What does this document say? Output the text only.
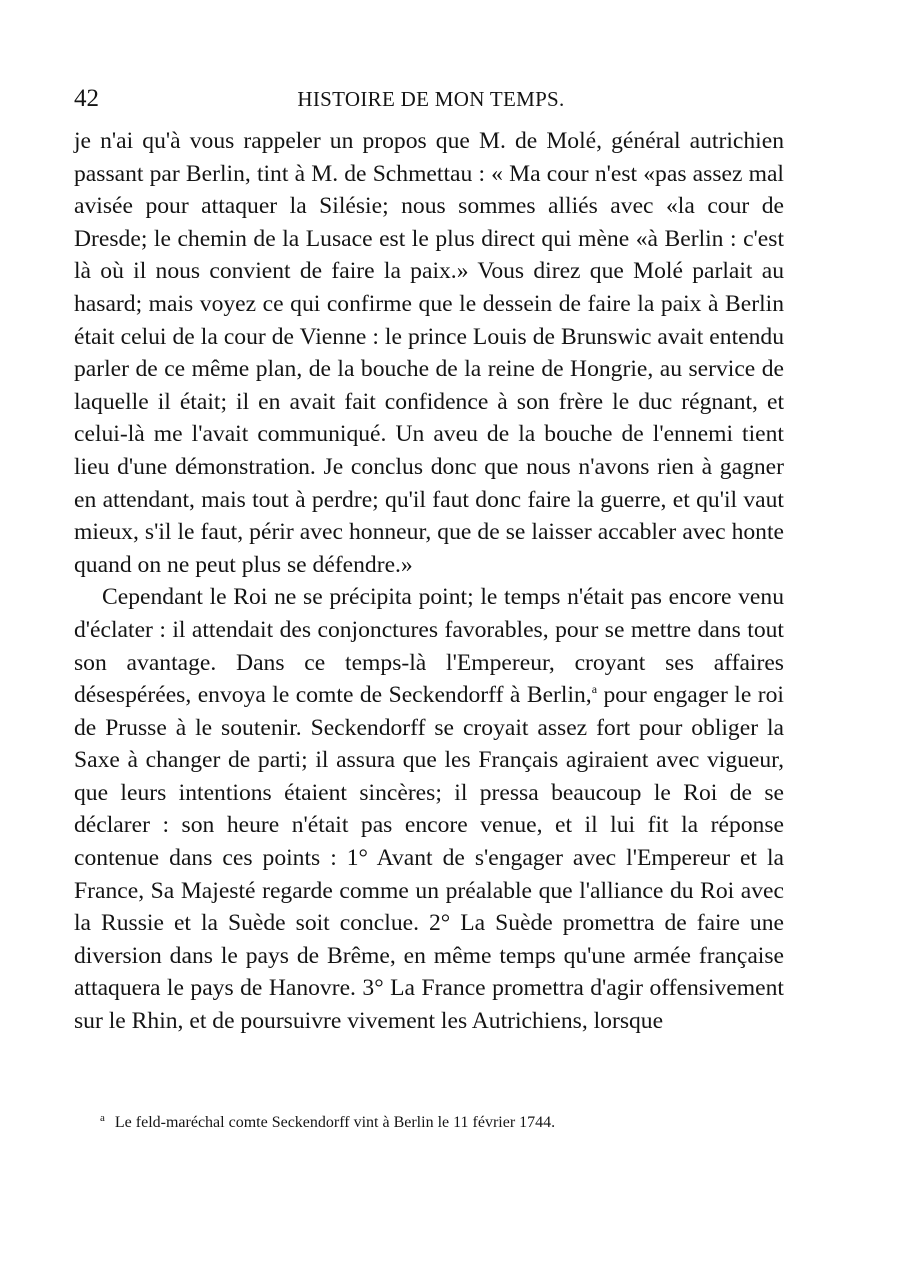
42	HISTOIRE DE MON TEMPS.

je n'ai qu'à vous rappeler un propos que M. de Molé, général autrichien passant par Berlin, tint à M. de Schmettau : « Ma cour n'est «pas assez mal avisée pour attaquer la Silésie; nous sommes alliés avec «la cour de Dresde; le chemin de la Lusace est le plus direct qui mène «à Berlin : c'est là où il nous convient de faire la paix.» Vous direz que Molé parlait au hasard; mais voyez ce qui confirme que le dessein de faire la paix à Berlin était celui de la cour de Vienne : le prince Louis de Brunswic avait entendu parler de ce même plan, de la bouche de la reine de Hongrie, au service de laquelle il était; il en avait fait confidence à son frère le duc régnant, et celui-là me l'avait communiqué. Un aveu de la bouche de l'ennemi tient lieu d'une démonstration. Je conclus donc que nous n'avons rien à gagner en attendant, mais tout à perdre; qu'il faut donc faire la guerre, et qu'il vaut mieux, s'il le faut, périr avec honneur, que de se laisser accabler avec honte quand on ne peut plus se défendre.»

Cependant le Roi ne se précipita point; le temps n'était pas encore venu d'éclater : il attendait des conjonctures favorables, pour se mettre dans tout son avantage. Dans ce temps-là l'Empereur, croyant ses affaires désespérées, envoya le comte de Seckendorff à Berlin,$^a$ pour engager le roi de Prusse à le soutenir. Seckendorff se croyait assez fort pour obliger la Saxe à changer de parti; il assura que les Français agiraient avec vigueur, que leurs intentions étaient sincères; il pressa beaucoup le Roi de se déclarer : son heure n'était pas encore venue, et il lui fit la réponse contenue dans ces points : 1° Avant de s'engager avec l'Empereur et la France, Sa Majesté regarde comme un préalable que l'alliance du Roi avec la Russie et la Suède soit conclue. 2° La Suède promettra de faire une diversion dans le pays de Brême, en même temps qu'une armée française attaquera le pays de Hanovre. 3° La France promettra d'agir offensivement sur le Rhin, et de poursuivre vivement les Autrichiens, lorsque

$^a$ Le feld-maréchal comte Seckendorff vint à Berlin le 11 février 1744.
